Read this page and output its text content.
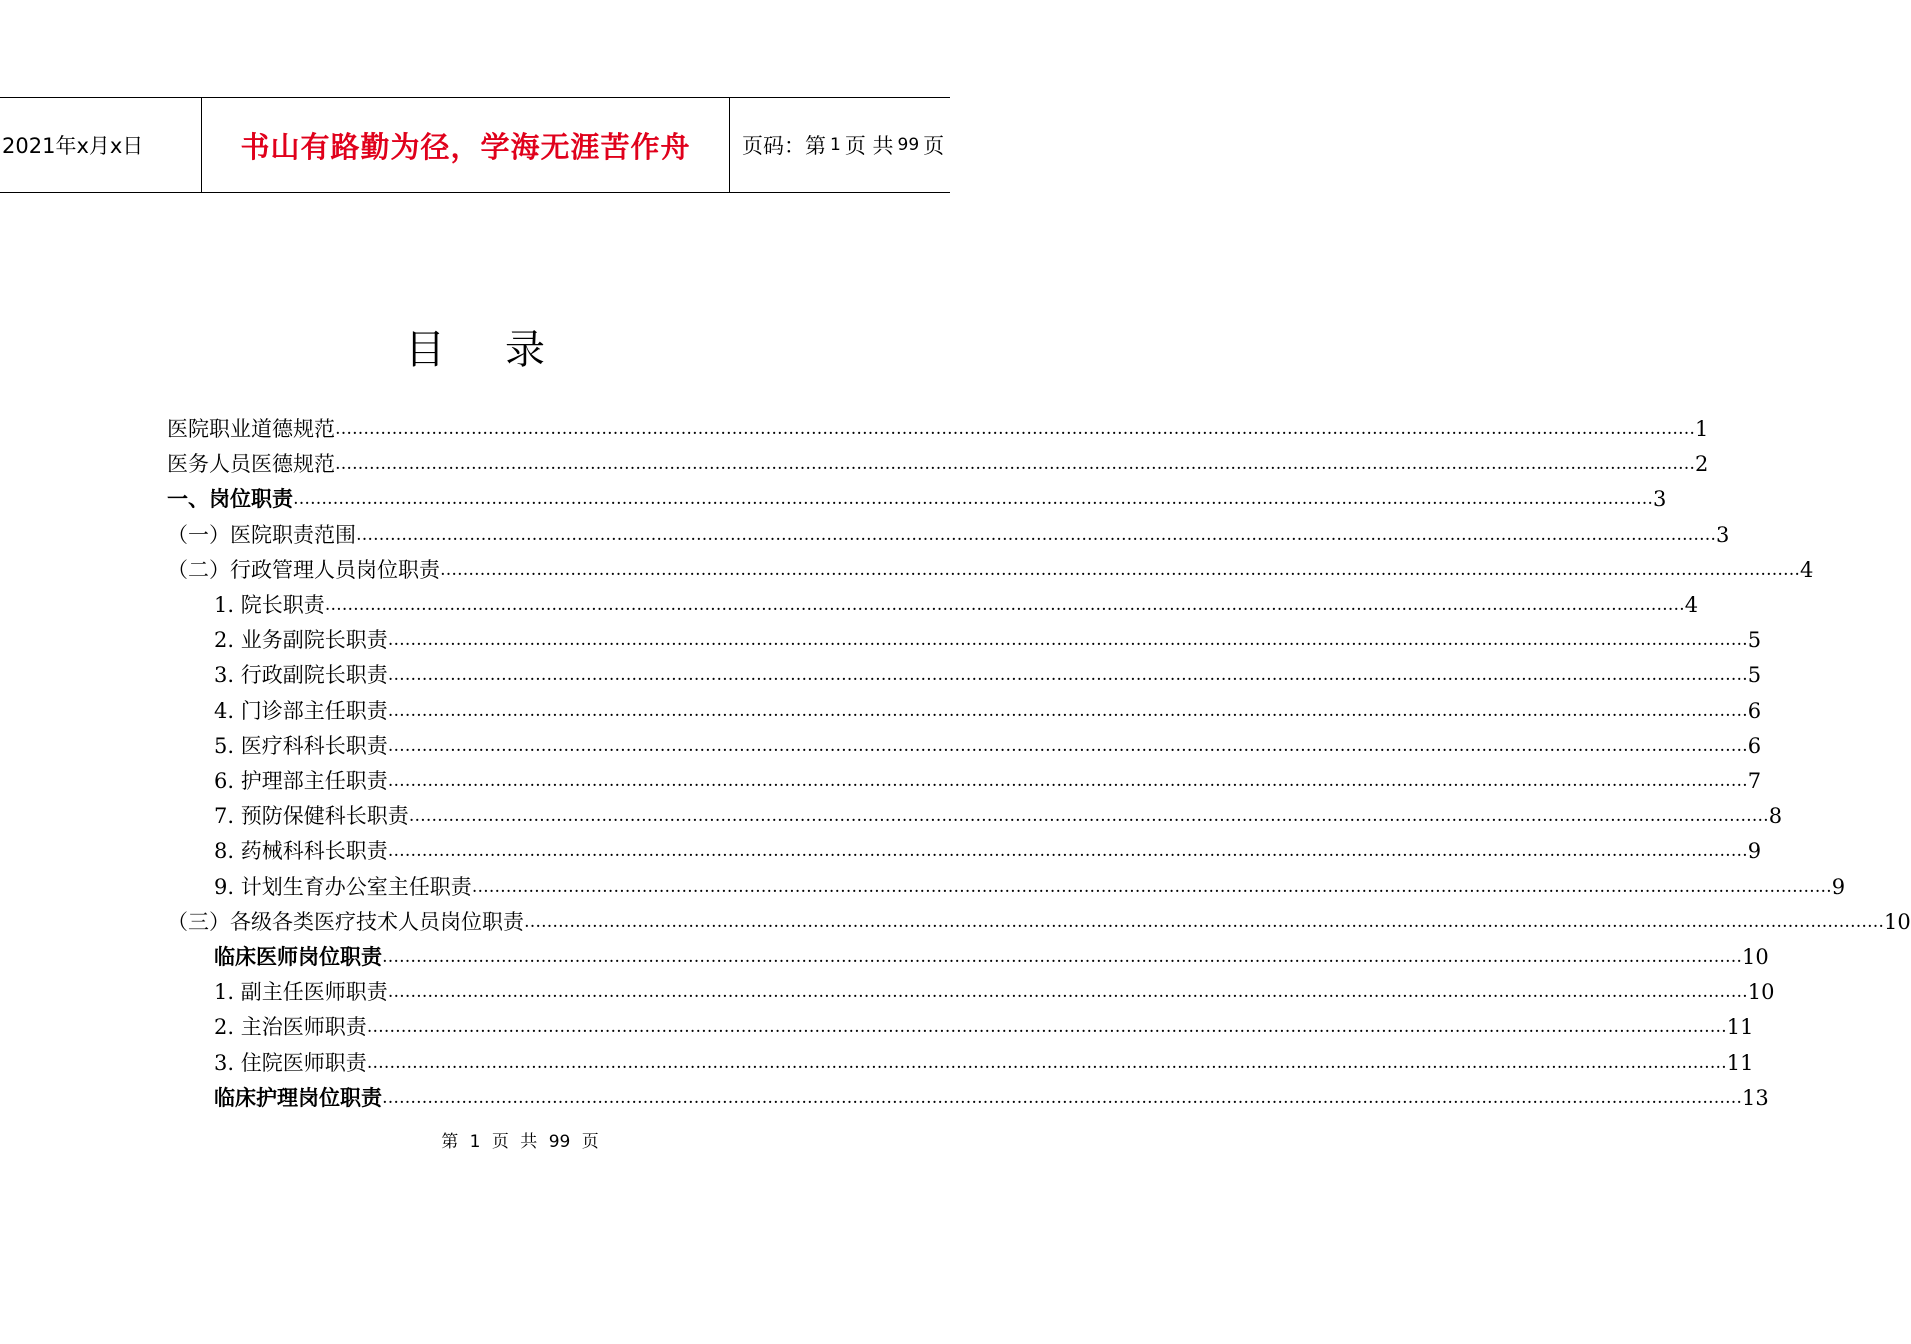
2021年x月x日	书山有路勤为径，学海无涯苦作舟	页码：第 1 页 共 99 页
目录
医院职业道德规范 …………………………………………………………………………………………………………………………………………………………………………………………………………………… 1
医务人员医德规范 …………………………………………………………………………………………………………………………………………………………………………………………………………………… 2
一、岗位职责 …………………………………………………………………………………………………………………………………………………………………………………………………………………… 3
（一）医院职责范围 …………………………………………………………………………………………………………………………………………………………………………………………………………………… 3
（二）行政管理人员岗位职责 …………………………………………………………………………………………………………………………………………………………………………………………………………………… 4
1. 院长职责 …………………………………………………………………………………………………………………………………………………………………………………………………………………… 4
2. 业务副院长职责 …………………………………………………………………………………………………………………………………………………………………………………………………………………… 5
3. 行政副院长职责 …………………………………………………………………………………………………………………………………………………………………………………………………………………… 5
4. 门诊部主任职责 …………………………………………………………………………………………………………………………………………………………………………………………………………………… 6
5. 医疗科科长职责 …………………………………………………………………………………………………………………………………………………………………………………………………………………… 6
6. 护理部主任职责 …………………………………………………………………………………………………………………………………………………………………………………………………………………… 7
7. 预防保健科长职责 …………………………………………………………………………………………………………………………………………………………………………………………………………………… 8
8. 药械科科长职责 …………………………………………………………………………………………………………………………………………………………………………………………………………………… 9
9. 计划生育办公室主任职责 …………………………………………………………………………………………………………………………………………………………………………………………………………………… 9
（三）各级各类医疗技术人员岗位职责 …………………………………………………………………………………………………………………………………………………………………………………………………………………… 10
临床医师岗位职责 …………………………………………………………………………………………………………………………………………………………………………………………………………………… 10
1. 副主任医师职责 …………………………………………………………………………………………………………………………………………………………………………………………………………………… 10
2. 主治医师职责 …………………………………………………………………………………………………………………………………………………………………………………………………………………… 11
3. 住院医师职责 …………………………………………………………………………………………………………………………………………………………………………………………………………………… 11
临床护理岗位职责 …………………………………………………………………………………………………………………………………………………………………………………………………………………… 13
第 1 页 共 99 页
